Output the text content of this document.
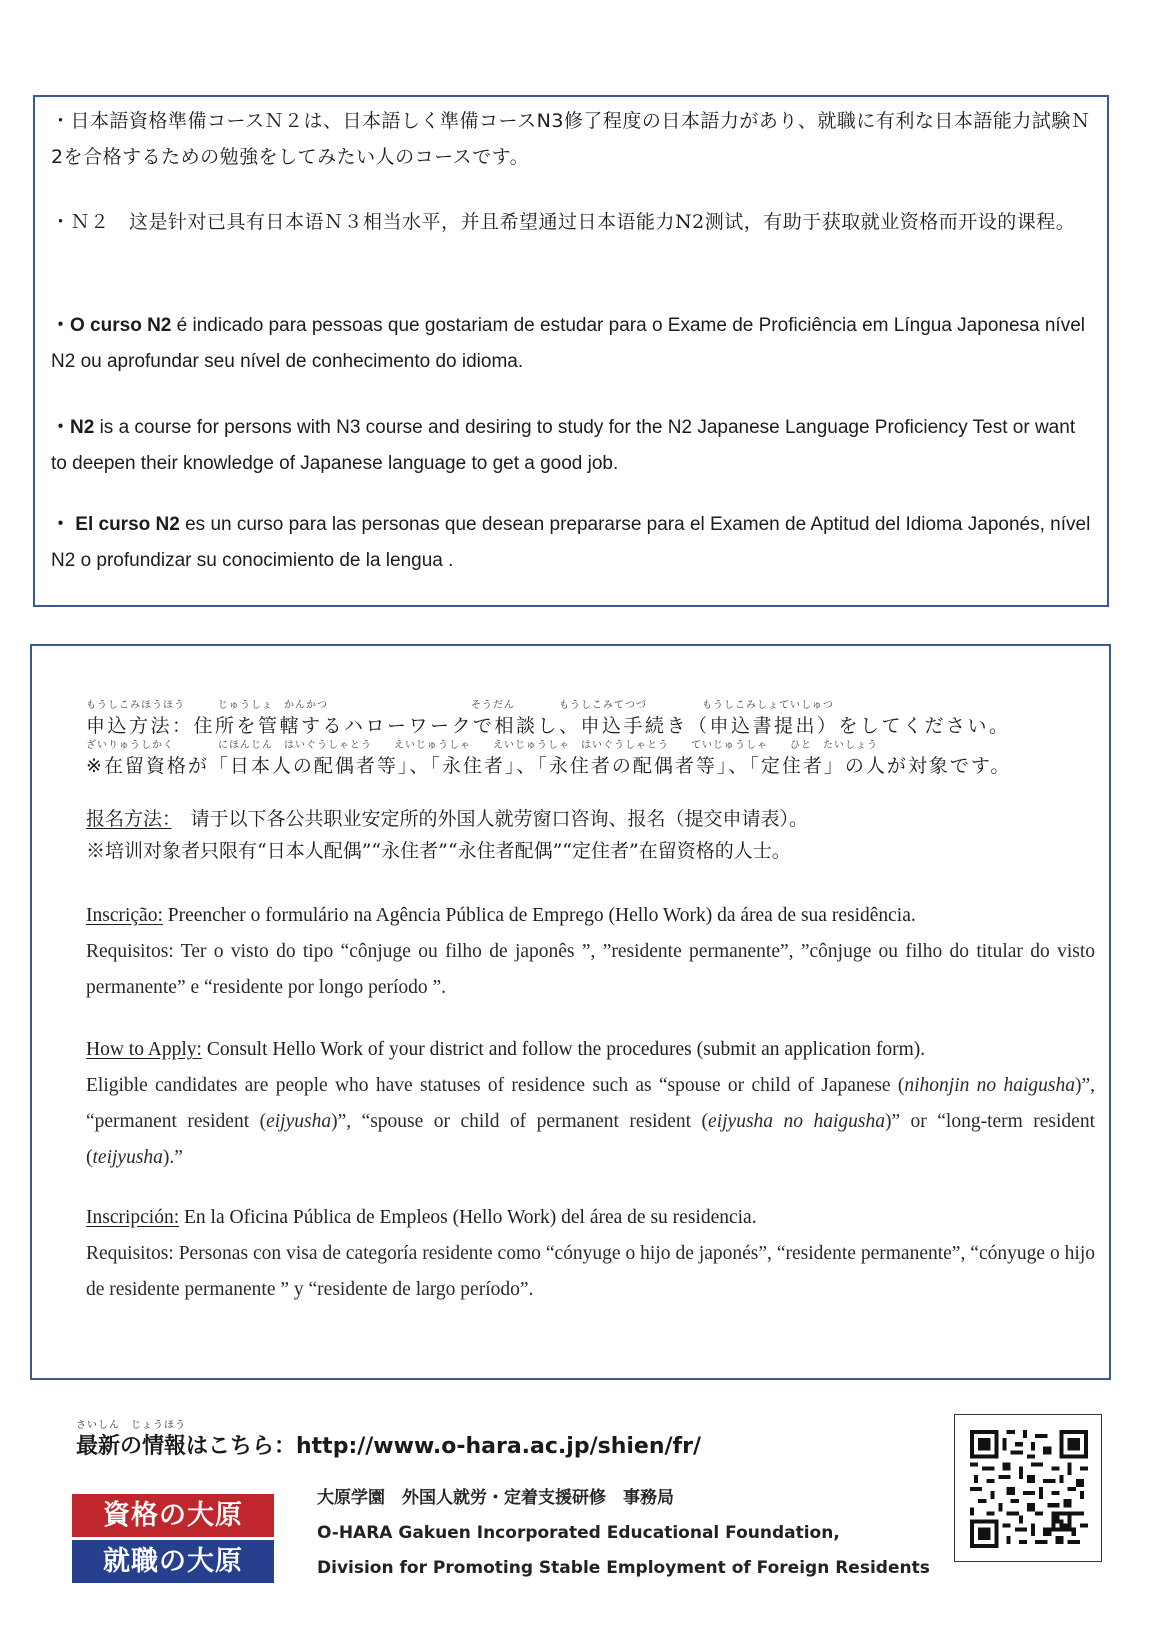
・日本語資格準備コースＮ２は、日本語しく準備コースN3修了程度の日本語力があり、就職に有利な日本語能力試験Ｎ2を合格するための勉強をしてみたい人のコースです。

・Ｎ２　这是针对已具有日本语Ｎ３相当水平，并且希望通过日本语能力N2测试，有助于获取就业资格而开设的课程。

・O curso N2 é indicado para pessoas que gostariam de estudar para o Exame de Proficiência em Língua Japonesa nível N2 ou aprofundar seu nível de conhecimento do idioma.

・N2 is a course for persons with N3 course and desiring to study for the N2 Japanese Language Proficiency Test or want to deepen their knowledge of Japanese language to get a good job.

・ El curso N2 es un curso para las personas que desean prepararse para el Examen de Aptitud del Idioma Japonés, nível N2 o profundizar su conocimiento de la lengua .

もうしこみほうほう　　　じゅうしょ　かんかつ　　　　　　　　　　　　　そうだん　　　　もうしこみてつづ　　　　　もうしこみしょていしゅつ
申込方法：住所を管轄するハローワークで相談し、申込手続き（申込書提出）をしてください。
ざいりゅうしかく　　　　にほんじん　はいぐうしゃとう　　えいじゅうしゃ　　えいじゅうしゃ　はいぐうしゃとう　　ていじゅうしゃ　　ひと　たいしょう
※在留資格が「日本人の配偶者等」、「永住者」、「永住者の配偶者等」、「定住者」の人が対象です。
报名方法：　请于以下各公共职业安定所的外国人就劳窗口咨询、报名（提交申请表）。
※培训对象者只限有“日本人配偶”“永住者”“永住者配偶”“定住者”在留资格的人士。
Inscrição: Preencher o formulário na Agência Pública de Emprego (Hello Work) da área de sua residência.
Requisitos: Ter o visto do tipo “cônjuge ou filho de japonês ”, ”residente permanente”, ”cônjuge ou filho do titular do visto permanente” e “residente por longo período ”.
How to Apply: Consult Hello Work of your district and follow the procedures (submit an application form).
Eligible candidates are people who have statuses of residence such as “spouse or child of Japanese (nihonjin no haigusha)”, “permanent resident (eijyusha)”, “spouse or child of permanent resident (eijyusha no haigusha)” or “long-term resident (teijyusha).”
Inscripción: En la Oficina Pública de Empleos (Hello Work) del área de su residencia.
Requisitos: Personas con visa de categoría residente como “cónyuge o hijo de japonés”, “residente permanente”, “cónyuge o hijo de residente permanente ” y “residente de largo período”.
さいしん　じょうほう
最新の情報はこちら：http://www.o-hara.ac.jp/shien/fr/
資格の大原
就職の大原
大原学園　外国人就労・定着支援研修　事務局
O-HARA Gakuen Incorporated Educational Foundation,
Division for Promoting Stable Employment of Foreign Residents
